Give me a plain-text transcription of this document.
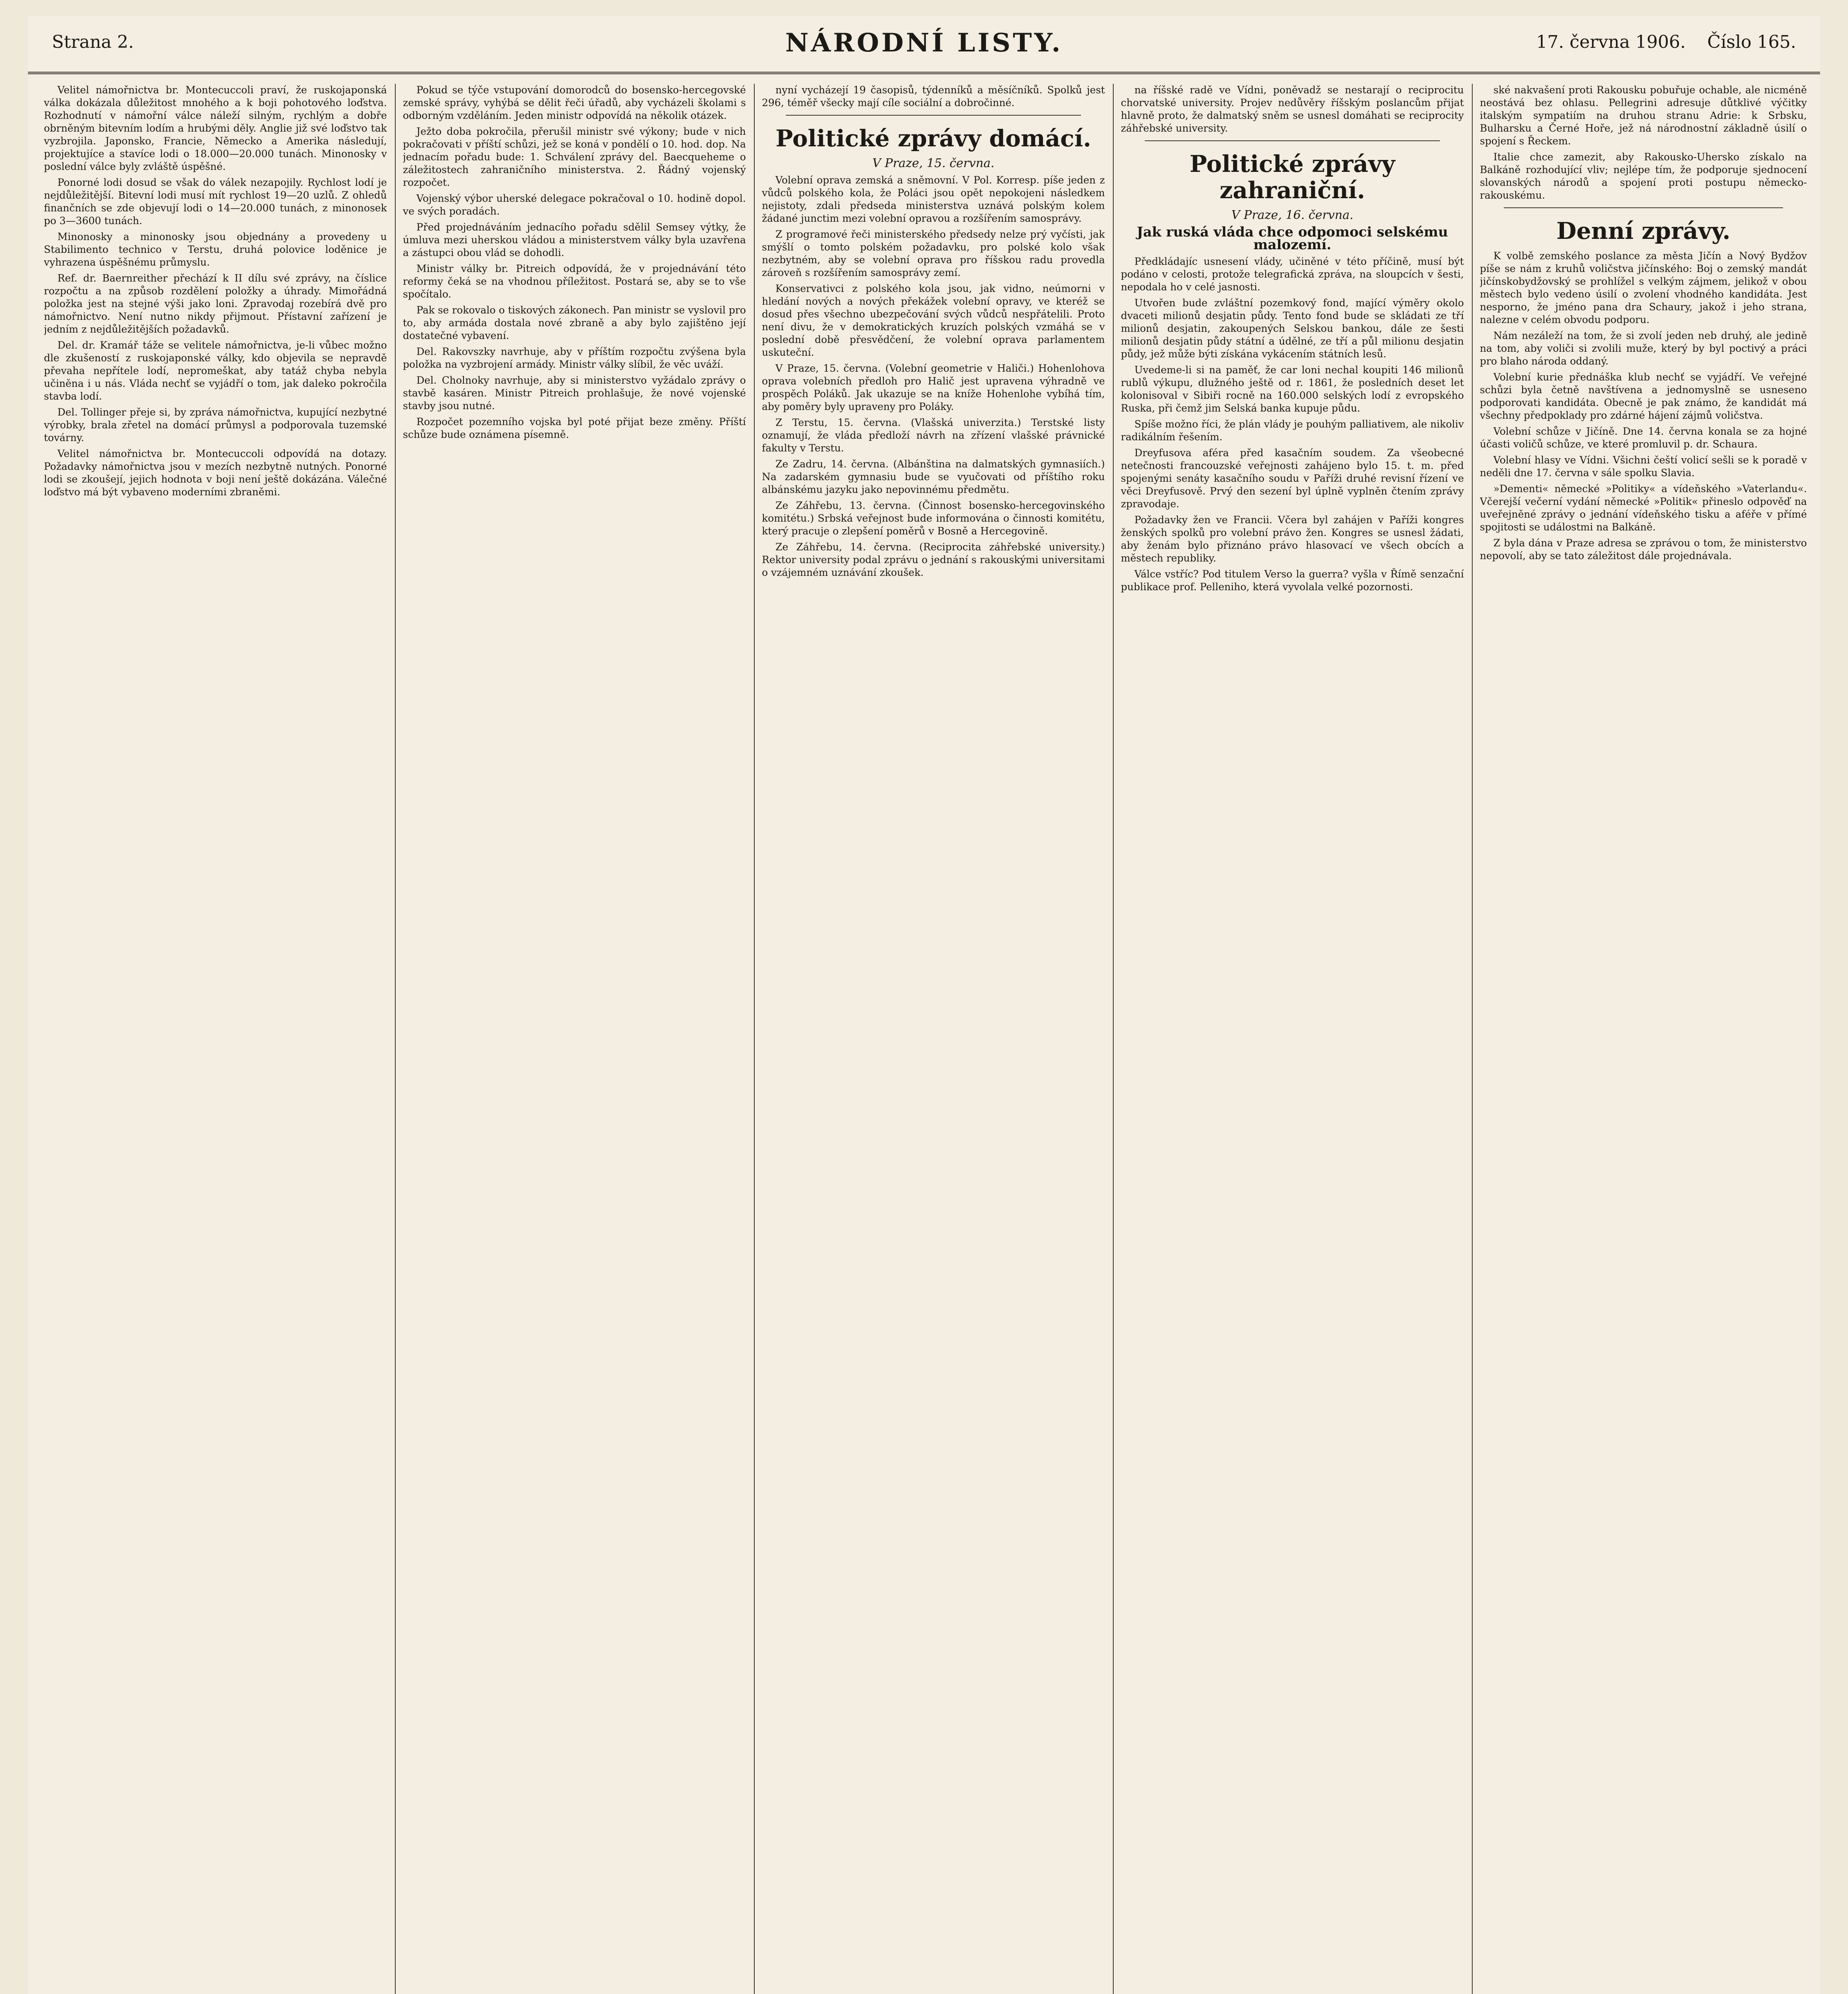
Strana 2.	NÁRODNÍ LISTY.	17. června 1906. Číslo 165.

Velitel námořnictva br. Montecuccoli praví, že ruskojaponská válka dokázala důležitost mnohého a k boji pohotového loďstva. Rozhodnutí v námořní válce náleží silným, rychlým a dobře obrněným bitevním lodím a hrubými děly. Anglie již své loďstvo tak vyzbrojila. Japonsko, Francie, Německo a Amerika následují, projektujíce a stavíce lodi o 18.000—20.000 tunách. Minonosky v poslední válce byly zvláště úspěšné.

Ponorné lodi dosud se však do válek nezapojily. Rychlost lodí je nejdůležitější. Bitevní lodi musí mít rychlost 19—20 uzlů. Z ohledů finančních se zde objevují lodi o 14—20.000 tunách, z minonosek po 3—3600 tunách.

Minonosky a minonosky jsou objednány a provedeny u Stabilimento technico v Terstu, druhá polovice loděnice je vyhrazena úspěšnému průmyslu.

Ref. dr. Baernreither přechází k II dílu své zprávy, na číslice rozpočtu a na způsob rozdělení položky a úhrady. Mimořádná položka jest na stejné výši jako loni. Zpravodaj rozebírá dvě pro námořnictvo. Není nutno nikdy přijmout. Přístavní zařízení je jedním z nejdůležitějších požadavků.

Del. dr. Kramář táže se velitele námořnictva, je-li vůbec možno dle zkušeností z ruskojaponské války, kdo objevila se nepravdě převaha nepřítele lodí, nepromeškat, aby tatáž chyba nebyla učiněna i u nás. Vláda nechť se vyjádří o tom, jak daleko pokročila stavba lodí.

Del. Tollinger přeje si, by zpráva námořnictva, kupující nezbytné výrobky, brala zřetel na domácí průmysl a podporovala tuzemské továrny.

Velitel námořnictva br. Montecuccoli odpovídá na dotazy. Požadavky námořnictva jsou v mezích nezbytně nutných. Ponorné lodi se zkoušejí, jejich hodnota v boji není ještě dokázána. Válečné loďstvo má být vybaveno moderními zbraněmi.

Pokud se týče vstupování domorodců do bosensko-hercegovské zemské správy, vyhýbá se dělit řeči úřadů, aby vycházeli školami s odborným vzděláním. Jeden ministr odpovídá na několik otázek.

Ježto doba pokročila, přerušil ministr své výkony; bude v nich pokračovati v příští schůzi, jež se koná v pondělí o 10. hod. dop. Na jednacím pořadu bude: 1. Schválení zprávy del. Baecqueheme o záležitostech zahraničního ministerstva. 2. Řádný vojenský rozpočet.

Vojenský výbor uherské delegace pokračoval o 10. hodině dopol. ve svých poradách.

Před projednáváním jednacího pořadu sdělil Semsey výtky, že úmluva mezi uherskou vládou a ministerstvem války byla uzavřena a zástupci obou vlád se dohodli.

Ministr války br. Pitreich odpovídá, že v projednávání této reformy čeká se na vhodnou příležitost. Postará se, aby se to vše spočítalo.

Pak se rokovalo o tiskových zákonech. Pan ministr se vyslovil pro to, aby armáda dostala nové zbraně a aby bylo zajištěno její dostatečné vybavení.

Del. Rakovszky navrhuje, aby v příštím rozpočtu zvýšena byla položka na vyzbrojení armády. Ministr války slíbil, že věc uváží.

Del. Cholnoky navrhuje, aby si ministerstvo vyžádalo zprávy o stavbě kasáren. Ministr Pitreich prohlašuje, že nové vojenské stavby jsou nutné.

Rozpočet pozemního vojska byl poté přijat beze změny. Příští schůze bude oznámena písemně.

nyní vycházejí 19 časopisů, týdenníků a měsíčníků. Spolků jest 296, téměř všecky mají cíle sociální a dobročinné.

Politické zprávy domácí.
V Praze, 15. června.

Volební oprava zemská a sněmovní. V Pol. Korresp. píše jeden z vůdců polského kola, že Poláci jsou opět nepokojeni následkem nejistoty, zdali předseda ministerstva uznává polským kolem žádané junctim mezi volební opravou a rozšířením samosprávy.

Z programové řeči ministerského předsedy nelze prý vyčísti, jak smýšlí o tomto polském požadavku, pro polské kolo však nezbytném, aby se volební oprava pro říšskou radu provedla zároveň s rozšířením samosprávy zemí.

Konservativci z polského kola jsou, jak vidno, neúmorni v hledání nových a nových překážek volební opravy, ve kteréž se dosud přes všechno ubezpečování svých vůdců nespřátelili. Proto není divu, že v demokratických kruzích polských vzmáhá se v poslední době přesvědčení, že volební oprava parlamentem uskuteční.

V Praze, 15. června. (Volební geometrie v Haliči.) Hohenlohova oprava volebních předloh pro Halič jest upravena výhradně ve prospěch Poláků. Jak ukazuje se na kníže Hohenlohe vybíhá tím, aby poměry byly upraveny pro Poláky.

Z Terstu, 15. června. (Vlašská univerzita.) Terstské listy oznamují, že vláda předloží návrh na zřízení vlašské právnické fakulty v Terstu.

Ze Zadru, 14. června. (Albánština na dalmatských gymnasiích.) Na zadarském gymnasiu bude se vyučovati od příštího roku albánskému jazyku jako nepovinnému předmětu.

Ze Záhřebu, 13. června. (Činnost bosensko-hercegovinského komitétu.) Srbská veřejnost bude informována o činnosti komitétu, který pracuje o zlepšení poměrů v Bosně a Hercegovině.

Ze Záhřebu, 14. června. (Reciprocita záhřebské university.) Rektor university podal zprávu o jednání s rakouskými universitami o vzájemném uznávání zkoušek.

na říšské radě ve Vídni, poněvadž se nestarají o reciprocitu chorvatské university. Projev nedůvěry říšským poslancům přijat hlavně proto, že dalmatský sněm se usnesl domáhati se reciprocity záhřebské university.

Politické zprávy zahraniční.
V Praze, 16. června.
Jak ruská vláda chce odpomoci selskému malozemí.

Předkládajíc usnesení vlády, učiněné v této příčině, musí být podáno v celosti, protože telegrafická zpráva, na sloupcích v šesti, nepodala ho v celé jasnosti.

Utvořen bude zvláštní pozemkový fond, mající výměry okolo dvaceti milionů desjatin půdy. Tento fond bude se skládati ze tří milionů desjatin, zakoupených Selskou bankou, dále ze šesti milionů desjatin půdy státní a údělné, ze tří a půl milionu desjatin půdy, jež může býti získána vykácením státních lesů.

Uvedeme-li si na paměť, že car loni nechal koupiti 146 milionů rublů výkupu, dlužného ještě od r. 1861, že posledních deset let kolonisoval v Sibiři rocně na 160.000 selských lodí z evropského Ruska, při čemž jim Selská banka kupuje půdu.

Spíše možno říci, že plán vlády je pouhým palliativem, ale nikoliv radikálním řešením.

Dreyfusova aféra před kasačním soudem. Za všeobecné netečnosti francouzské veřejnosti zahájeno bylo 15. t. m. před spojenými senáty kasačního soudu v Paříži druhé revisní řízení ve věci Dreyfusově. Prvý den sezení byl úplně vyplněn čtením zprávy zpravodaje.

Požadavky žen ve Francii. Včera byl zahájen v Paříži kongres ženských spolků pro volební právo žen. Kongres se usnesl žádati, aby ženám bylo přiznáno právo hlasovací ve všech obcích a městech republiky.

Válce vstříc? Pod titulem Verso la guerra? vyšla v Římě senzační publikace prof. Pelleniho, která vyvolala velké pozornosti.

ské nakvašení proti Rakousku pobuřuje ochable, ale nicméně neostává bez ohlasu. Pellegrini adresuje důtklivé výčitky italským sympatiím na druhou stranu Adrie: k Srbsku, Bulharsku a Černé Hoře, jež ná národnostní základně úsilí o spojení s Řeckem.

Italie chce zamezit, aby Rakousko-Uhersko získalo na Balkáně rozhodující vliv; nejlépe tím, že podporuje sjednocení slovanských národů a spojení proti postupu německo-rakouskému.

Denní zprávy.

K volbě zemského poslance za města Jičín a Nový Bydžov píše se nám z kruhů voličstva jičínského: Boj o zemský mandát jičínskobydžovský se prohlížel s velkým zájmem, jelikož v obou městech bylo vedeno úsilí o zvolení vhodného kandidáta. Jest nesporno, že jméno pana dra Schaury, jakož i jeho strana, nalezne v celém obvodu podporu.

Nám nezáleží na tom, že si zvolí jeden neb druhý, ale jedině na tom, aby voliči si zvolili muže, který by byl poctivý a práci pro blaho národa oddaný.

Volební kurie přednáška klub nechť se vyjádří. Ve veřejné schůzi byla četně navštívena a jednomyslně se usneseno podporovati kandidáta. Obecně je pak známo, že kandidát má všechny předpoklady pro zdárné hájení zájmů voličstva.

Volební schůze v Jičíně. Dne 14. června konala se za hojné účasti voličů schůze, ve které promluvil p. dr. Schaura.

Volební hlasy ve Vídni. Všichni čeští volicí sešli se k poradě v neděli dne 17. června v sále spolku Slavia.

»Dementi« německé »Politiky« a vídeňského »Vaterlandu«. Včerejší večerní vydání německé »Politik« přineslo odpověď na uveřejněné zprávy o jednání vídeňského tisku a aféře v přímé spojitosti se událostmi na Balkáně.

Z byla dána v Praze adresa se zprávou o tom, že ministerstvo nepovolí, aby se tato záležitost dále projednávala.
